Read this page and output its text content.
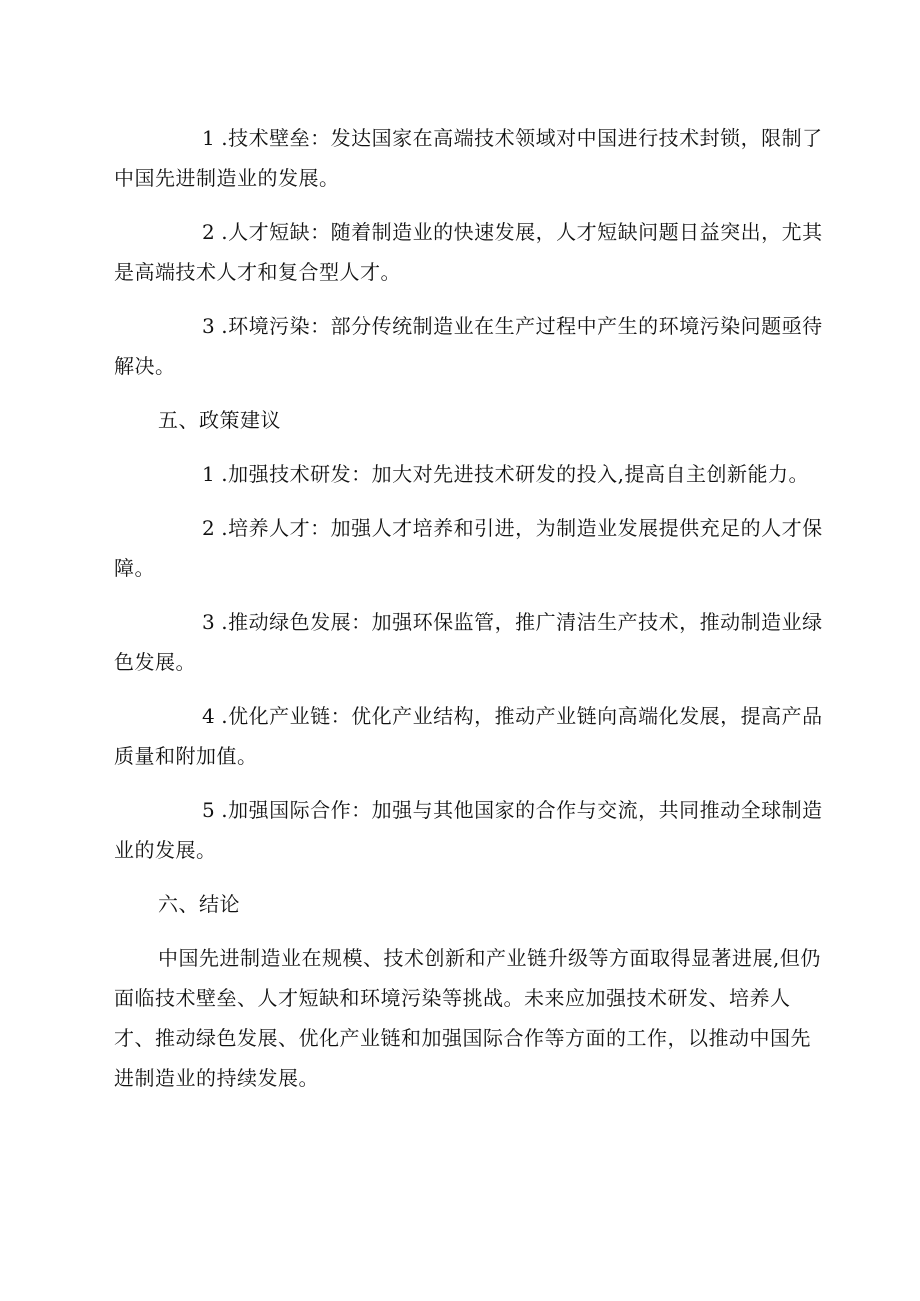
1 .技术壁垒：发达国家在高端技术领域对中国进行技术封锁，限制了中国先进制造业的发展。

2 .人才短缺：随着制造业的快速发展，人才短缺问题日益突出，尤其是高端技术人才和复合型人才。

3 .环境污染：部分传统制造业在生产过程中产生的环境污染问题亟待解决。

五、政策建议

1 .加强技术研发：加大对先进技术研发的投入,提高自主创新能力。

2 .培养人才：加强人才培养和引进，为制造业发展提供充足的人才保障。

3 .推动绿色发展：加强环保监管，推广清洁生产技术，推动制造业绿色发展。

4 .优化产业链：优化产业结构，推动产业链向高端化发展，提高产品质量和附加值。

5 .加强国际合作：加强与其他国家的合作与交流，共同推动全球制造业的发展。

六、结论

中国先进制造业在规模、技术创新和产业链升级等方面取得显著进展,但仍面临技术壁垒、人才短缺和环境污染等挑战。未来应加强技术研发、培养人才、推动绿色发展、优化产业链和加强国际合作等方面的工作，以推动中国先进制造业的持续发展。
